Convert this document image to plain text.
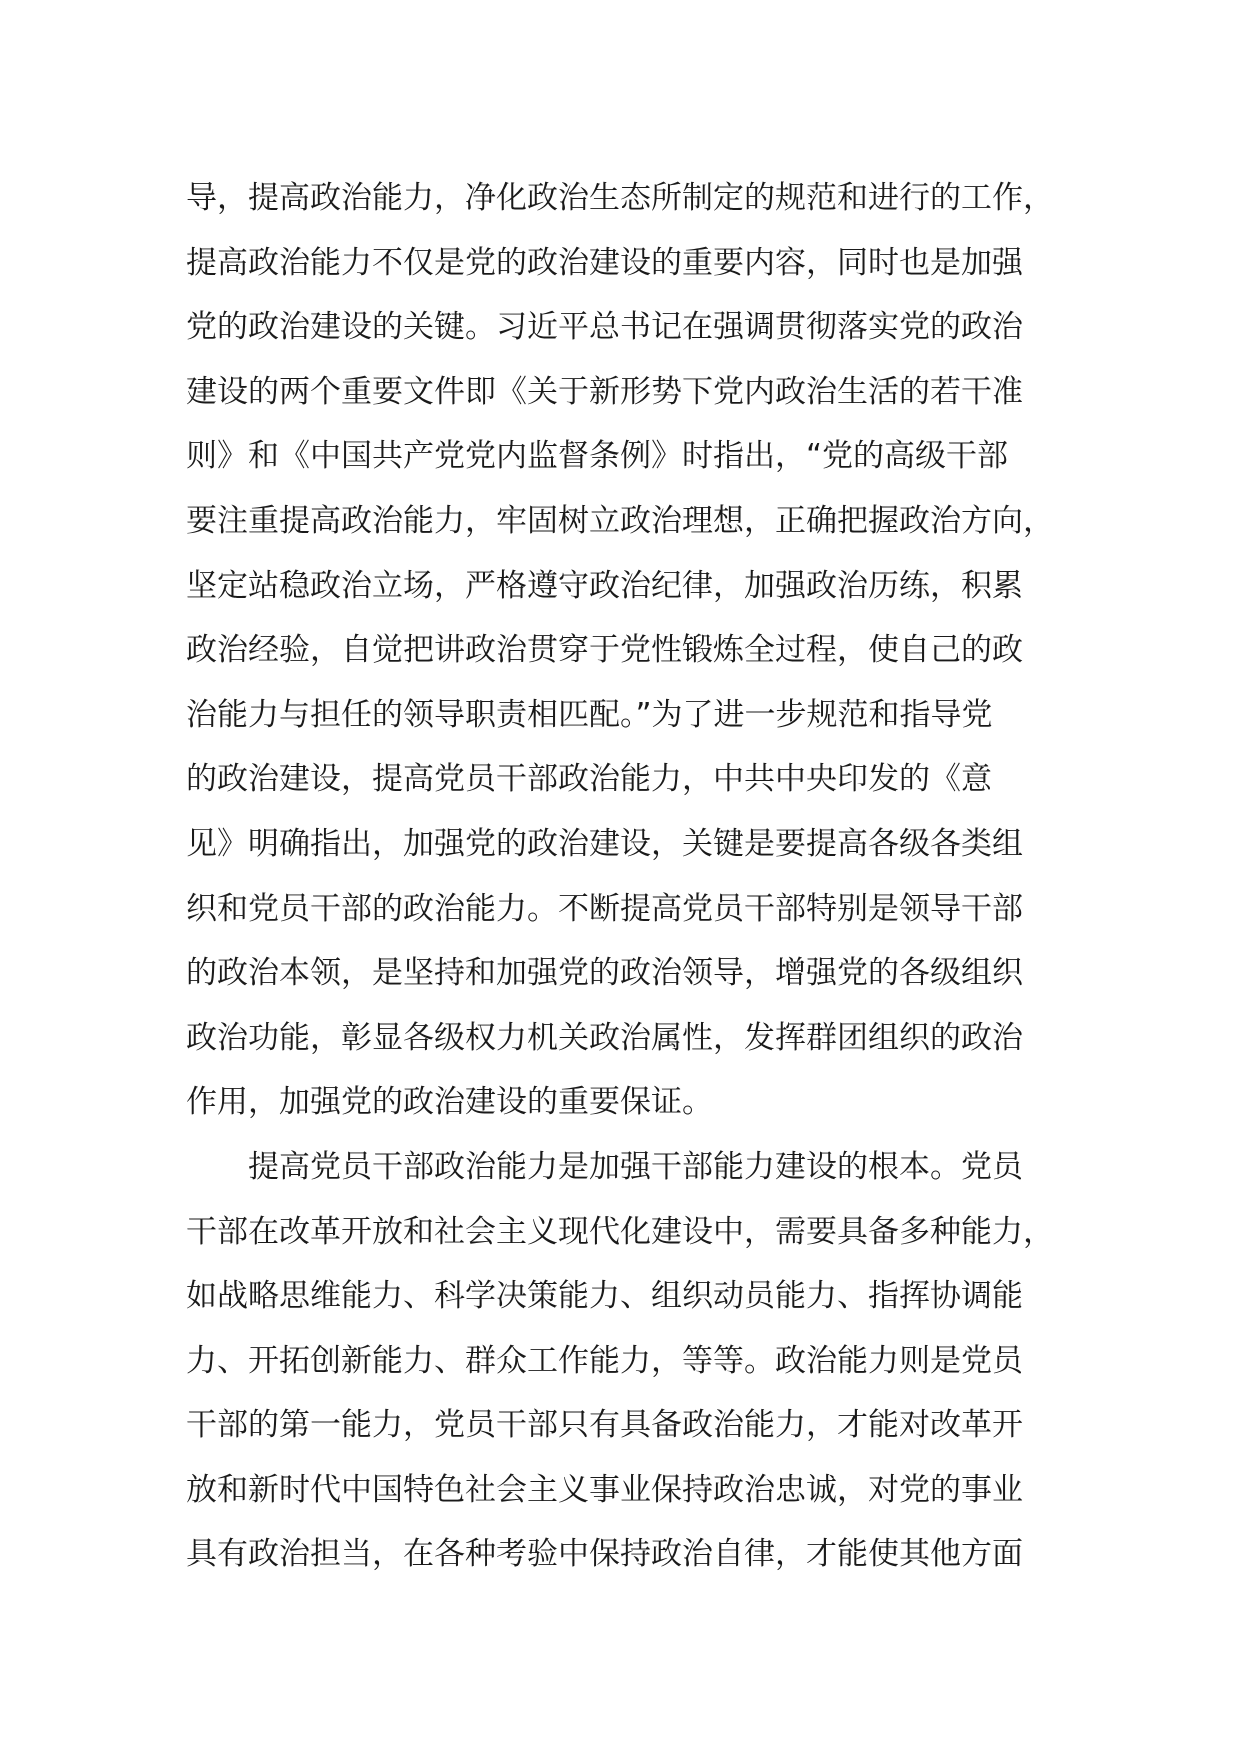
导，提高政治能力，净化政治生态所制定的规范和进行的工作，
提高政治能力不仅是党的政治建设的重要内容，同时也是加强
党的政治建设的关键。习近平总书记在强调贯彻落实党的政治
建设的两个重要文件即《关于新形势下党内政治生活的若干准
则》和《中国共产党党内监督条例》时指出，“党的高级干部
要注重提高政治能力，牢固树立政治理想，正确把握政治方向，
坚定站稳政治立场，严格遵守政治纪律，加强政治历练，积累
政治经验，自觉把讲政治贯穿于党性锻炼全过程，使自己的政
治能力与担任的领导职责相匹配。”为了进一步规范和指导党
的政治建设，提高党员干部政治能力，中共中央印发的《意
见》明确指出，加强党的政治建设，关键是要提高各级各类组
织和党员干部的政治能力。不断提高党员干部特别是领导干部
的政治本领，是坚持和加强党的政治领导，增强党的各级组织
政治功能，彰显各级权力机关政治属性，发挥群团组织的政治
作用，加强党的政治建设的重要保证。
提高党员干部政治能力是加强干部能力建设的根本。党员
干部在改革开放和社会主义现代化建设中，需要具备多种能力，
如战略思维能力、科学决策能力、组织动员能力、指挥协调能
力、开拓创新能力、群众工作能力，等等。政治能力则是党员
干部的第一能力，党员干部只有具备政治能力，才能对改革开
放和新时代中国特色社会主义事业保持政治忠诚，对党的事业
具有政治担当，在各种考验中保持政治自律，才能使其他方面
